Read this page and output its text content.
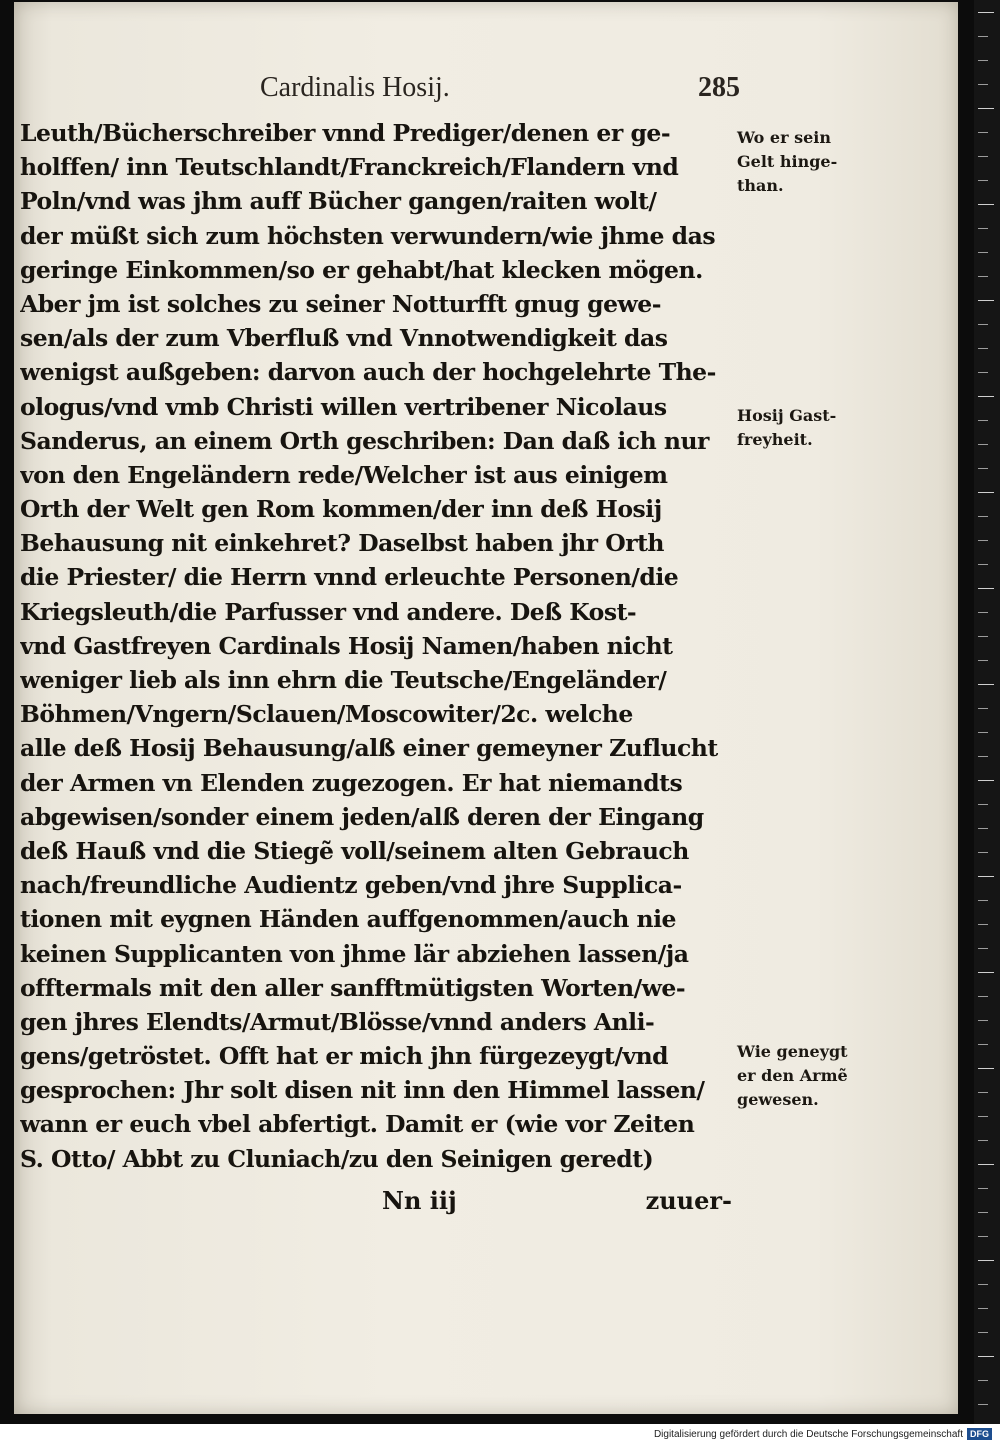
Cardinalis Hosij.	285
Leuth/Bücherschreiber vnnd Prediger/denen er ge-
holffen/ inn Teutschlandt/Franckreich/Flandern vnd
Poln/vnd was jhm auff Bücher gangen/raiten wolt/
der müßt sich zum höchsten verwundern/wie jhme das
geringe Einkommen/so er gehabt/hat klecken mögen.
Aber jm ist solches zu seiner Notturfft gnug gewe-
sen/als der zum Vberfluß vnd Vnnotwendigkeit das
wenigst außgeben: darvon auch der hochgelehrte The-
ologus/vnd vmb Christi willen vertribener Nicolaus
Sanderus, an einem Orth geschriben: Dan daß ich nur
von den Engeländern rede/Welcher ist aus einigem
Orth der Welt gen Rom kommen/der inn deß Hosij
Behausung nit einkehret? Daselbst haben jhr Orth
die Priester/ die Herrn vnnd erleuchte Personen/die
Kriegsleuth/die Parfusser vnd andere. Deß Kost-
vnd Gastfreyen Cardinals Hosij Namen/haben nicht
weniger lieb als inn ehrn die Teutsche/Engeländer/
Böhmen/Vngern/Sclauen/Moscowiter/2c. welche
alle deß Hosij Behausung/alß einer gemeyner Zuflucht
der Armen vn Elenden zugezogen. Er hat niemandts
abgewisen/sonder einem jeden/alß deren der Eingang
deß Hauß vnd die Stiegẽ voll/seinem alten Gebrauch
nach/freundliche Audientz geben/vnd jhre Supplica-
tionen mit eygnen Händen auffgenommen/auch nie
keinen Supplicanten von jhme lär abziehen lassen/ja
offtermals mit den aller sanfftmütigsten Worten/we-
gen jhres Elendts/Armut/Blösse/vnnd anders Anli-
gens/getröstet. Offt hat er mich jhn fürgezeygt/vnd
gesprochen: Jhr solt disen nit inn den Himmel lassen/
wann er euch vbel abfertigt. Damit er (wie vor Zeiten
S. Otto/ Abbt zu Cluniach/zu den Seinigen geredt)
Wo er sein
Gelt hinge-
than.
Hosij Gast-
freyheit.
Wie geneygt
er den Armẽ
gewesen.
Nn iij	zuuer-
Digitalisierung gefördert durch die Deutsche Forschungsgemeinschaft DFG
